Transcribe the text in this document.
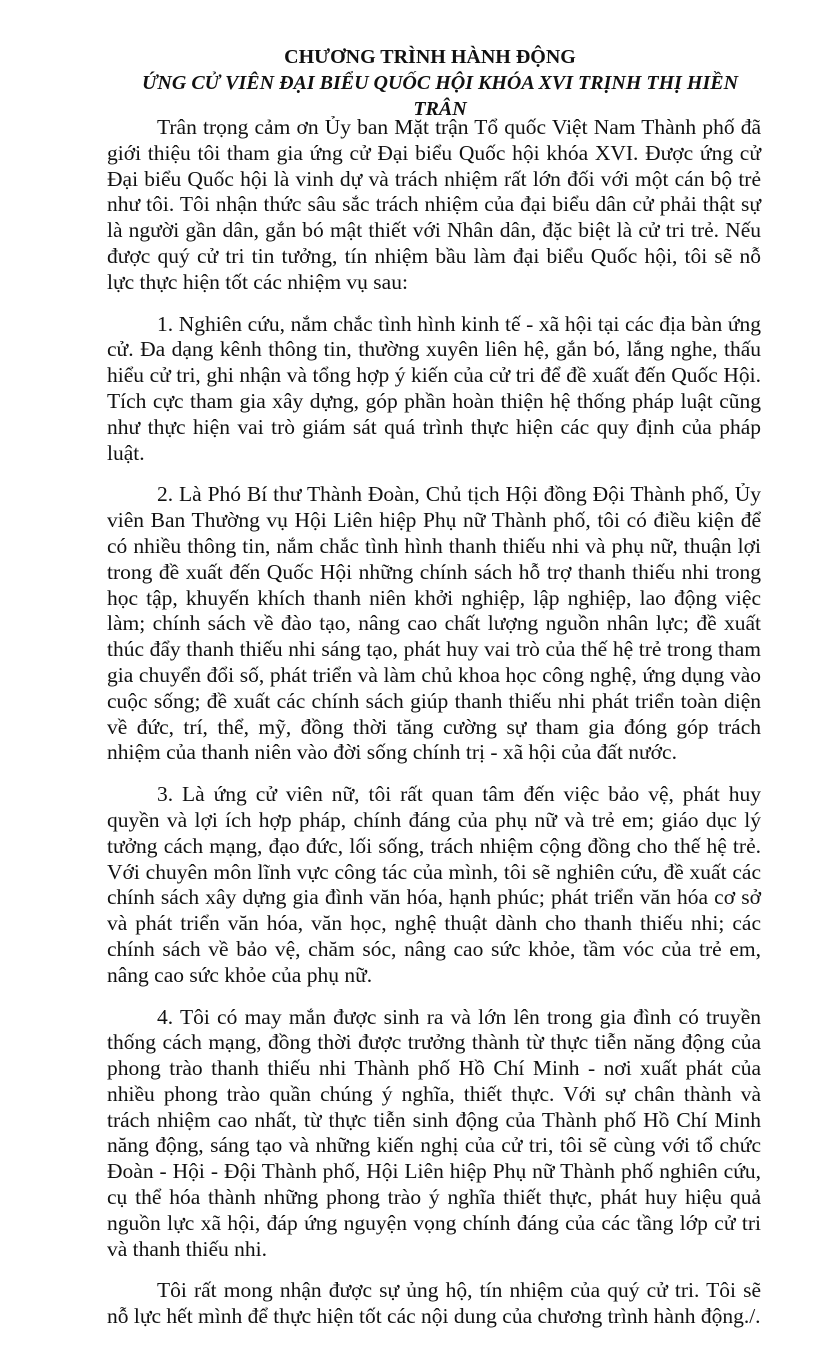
CHƯƠNG TRÌNH HÀNH ĐỘNG
ỨNG CỬ VIÊN ĐẠI BIỂU QUỐC HỘI KHÓA XVI TRỊNH THỊ HIỀN TRÂN

Trân trọng cảm ơn Ủy ban Mặt trận Tổ quốc Việt Nam Thành phố đã giới thiệu tôi tham gia ứng cử Đại biểu Quốc hội khóa XVI. Được ứng cử Đại biểu Quốc hội là vinh dự và trách nhiệm rất lớn đối với một cán bộ trẻ như tôi. Tôi nhận thức sâu sắc trách nhiệm của đại biểu dân cử phải thật sự là người gần dân, gắn bó mật thiết với Nhân dân, đặc biệt là cử tri trẻ. Nếu được quý cử tri tin tưởng, tín nhiệm bầu làm đại biểu Quốc hội, tôi sẽ nỗ lực thực hiện tốt các nhiệm vụ sau:

1. Nghiên cứu, nắm chắc tình hình kinh tế - xã hội tại các địa bàn ứng cử. Đa dạng kênh thông tin, thường xuyên liên hệ, gắn bó, lắng nghe, thấu hiểu cử tri, ghi nhận và tổng hợp ý kiến của cử tri để đề xuất đến Quốc Hội. Tích cực tham gia xây dựng, góp phần hoàn thiện hệ thống pháp luật cũng như thực hiện vai trò giám sát quá trình thực hiện các quy định của pháp luật.

2. Là Phó Bí thư Thành Đoàn, Chủ tịch Hội đồng Đội Thành phố, Ủy viên Ban Thường vụ Hội Liên hiệp Phụ nữ Thành phố, tôi có điều kiện để có nhiều thông tin, nắm chắc tình hình thanh thiếu nhi và phụ nữ, thuận lợi trong đề xuất đến Quốc Hội những chính sách hỗ trợ thanh thiếu nhi trong học tập, khuyến khích thanh niên khởi nghiệp, lập nghiệp, lao động việc làm; chính sách về đào tạo, nâng cao chất lượng nguồn nhân lực; đề xuất thúc đẩy thanh thiếu nhi sáng tạo, phát huy vai trò của thế hệ trẻ trong tham gia chuyển đổi số, phát triển và làm chủ khoa học công nghệ, ứng dụng vào cuộc sống; đề xuất các chính sách giúp thanh thiếu nhi phát triển toàn diện về đức, trí, thể, mỹ, đồng thời tăng cường sự tham gia đóng góp trách nhiệm của thanh niên vào đời sống chính trị - xã hội của đất nước.

3. Là ứng cử viên nữ, tôi rất quan tâm đến việc bảo vệ, phát huy quyền và lợi ích hợp pháp, chính đáng của phụ nữ và trẻ em; giáo dục lý tưởng cách mạng, đạo đức, lối sống, trách nhiệm cộng đồng cho thế hệ trẻ. Với chuyên môn lĩnh vực công tác của mình, tôi sẽ nghiên cứu, đề xuất các chính sách xây dựng gia đình văn hóa, hạnh phúc; phát triển văn hóa cơ sở và phát triển văn hóa, văn học, nghệ thuật dành cho thanh thiếu nhi; các chính sách về bảo vệ, chăm sóc, nâng cao sức khỏe, tầm vóc của trẻ em, nâng cao sức khỏe của phụ nữ.

4. Tôi có may mắn được sinh ra và lớn lên trong gia đình có truyền thống cách mạng, đồng thời được trưởng thành từ thực tiễn năng động của phong trào thanh thiếu nhi Thành phố Hồ Chí Minh - nơi xuất phát của nhiều phong trào quần chúng ý nghĩa, thiết thực. Với sự chân thành và trách nhiệm cao nhất, từ thực tiễn sinh động của Thành phố Hồ Chí Minh năng động, sáng tạo và những kiến nghị của cử tri, tôi sẽ cùng với tổ chức Đoàn - Hội - Đội Thành phố, Hội Liên hiệp Phụ nữ Thành phố nghiên cứu, cụ thể hóa thành những phong trào ý nghĩa thiết thực, phát huy hiệu quả nguồn lực xã hội, đáp ứng nguyện vọng chính đáng của các tầng lớp cử tri và thanh thiếu nhi.

Tôi rất mong nhận được sự ủng hộ, tín nhiệm của quý cử tri. Tôi sẽ nỗ lực hết mình để thực hiện tốt các nội dung của chương trình hành động./.
